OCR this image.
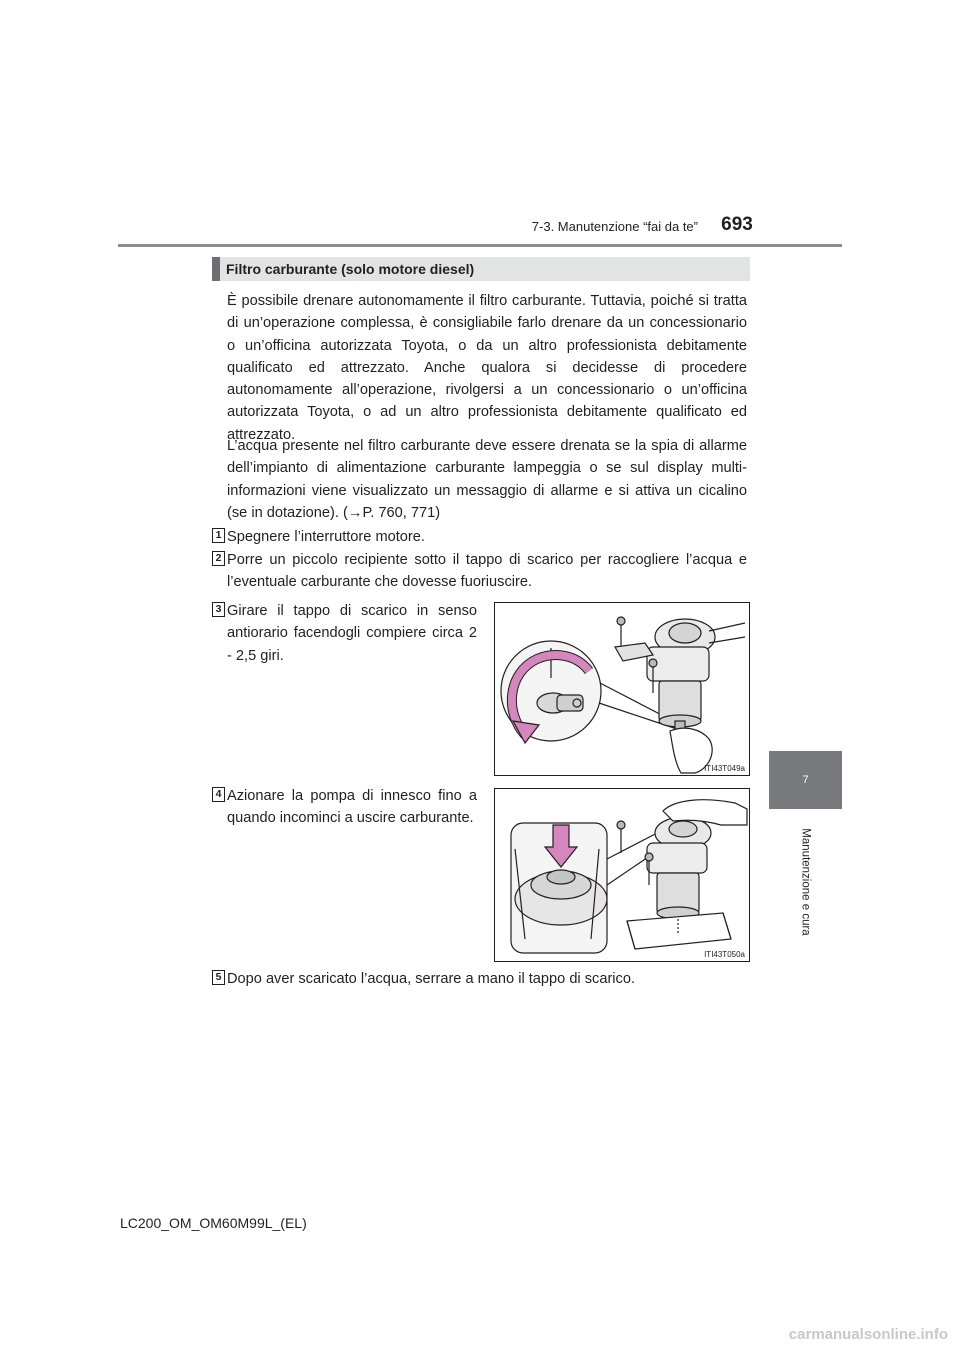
7-3. Manutenzione “fai da te”	693
7
Manutenzione e cura
Filtro carburante (solo motore diesel)

È possibile drenare autonomamente il filtro carburante. Tuttavia, poiché si tratta di un’operazione complessa, è consigliabile farlo drenare da un concessionario o un’officina autorizzata Toyota, o da un altro professionista debitamente qualificato ed attrezzato. Anche qualora si decidesse di procedere autonomamente all’operazione, rivolgersi a un concessionario o un’officina autorizzata Toyota, o ad un altro professionista debitamente qualificato ed attrezzato.

L’acqua presente nel filtro carburante deve essere drenata se la spia di allarme dell’impianto di alimentazione carburante lampeggia o se sul display multi-informazioni viene visualizzato un messaggio di allarme e si attiva un cicalino (se in dotazione). (→P. 760, 771)

1 Spegnere l’interruttore motore.
2 Porre un piccolo recipiente sotto il tappo di scarico per raccogliere l’acqua e l’eventuale carburante che dovesse fuoriuscire.
3 Girare il tappo di scarico in senso antiorario facendogli compiere circa 2 - 2,5 giri.
ITI43T049a
4 Azionare la pompa di innesco fino a quando incominci a uscire carburante.
ITI43T050a
5 Dopo aver scaricato l’acqua, serrare a mano il tappo di scarico.
LC200_OM_OM60M99L_(EL)
carmanualsonline.info
